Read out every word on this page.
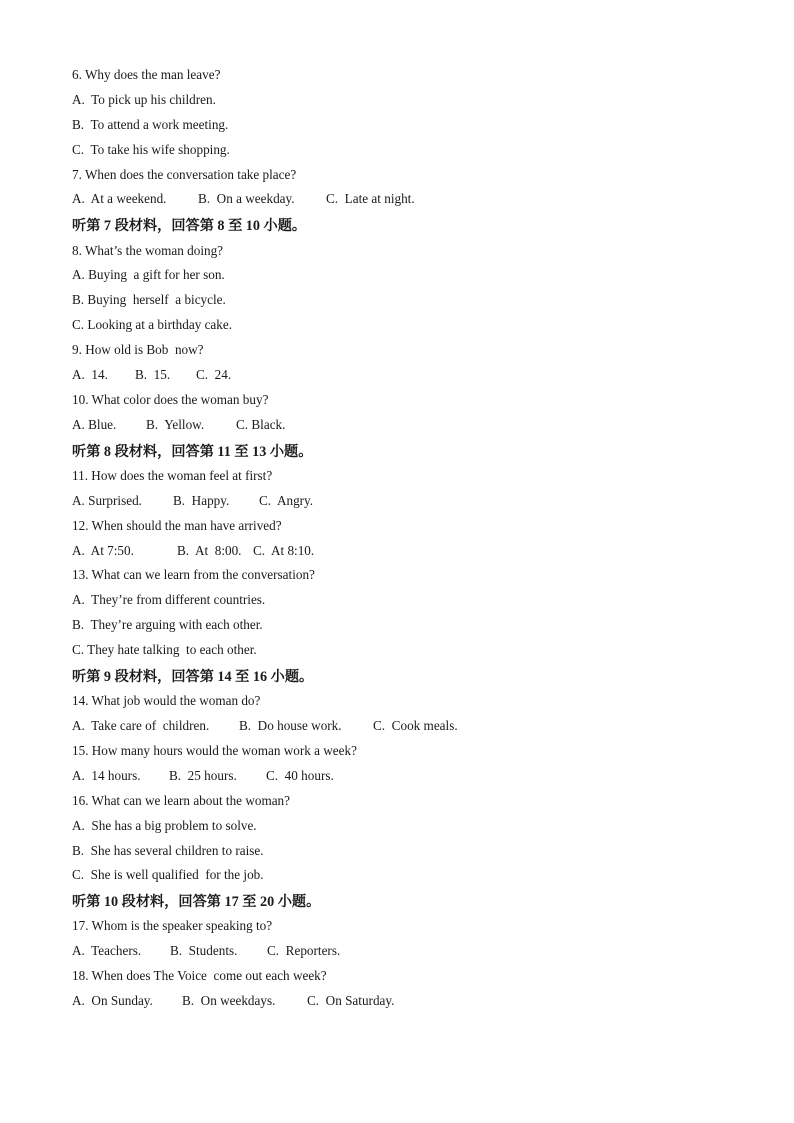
6. Why does the man leave?
A.  To pick up his children.
B.  To attend a work meeting.
C.  To take his wife shopping.
7. When does the conversation take place?
A.  At a weekend.	B.  On a weekday.	C.  Late at night.
听第 7 段材料，回答第 8 至 10 小题。
8. What’s the woman doing?
A. Buying  a gift for her son.
B. Buying  herself  a bicycle.
C. Looking at a birthday cake.
9. How old is Bob  now?
A.  14.	B.  15.	C.  24.
10. What color does the woman buy?
A. Blue.	B.  Yellow.	C. Black.
听第 8 段材料，回答第 11 至 13 小题。
11. How does the woman feel at first?
A. Surprised.	B.  Happy.	C.  Angry.
12. When should the man have arrived?
A.  At 7:50.	B.  At  8:00. C.  At 8:10.
13. What can we learn from the conversation?
A.  They’re from different countries.
B.  They’re arguing with each other.
C. They hate talking  to each other.
听第 9 段材料，回答第 14 至 16 小题。
14. What job would the woman do?
A.  Take care of  children.	B.  Do house work.	C.  Cook meals.
15. How many hours would the woman work a week?
A.  14 hours.	B.  25 hours.	C.  40 hours.
16. What can we learn about the woman?
A.  She has a big problem to solve.
B.  She has several children to raise.
C.  She is well qualified  for the job.
听第 10 段材料，回答第 17 至 20 小题。
17. Whom is the speaker speaking to?
A.  Teachers.	B.  Students.	C.  Reporters.
18. When does The Voice  come out each week?
A.  On Sunday.	B.  On weekdays.	C.  On Saturday.
